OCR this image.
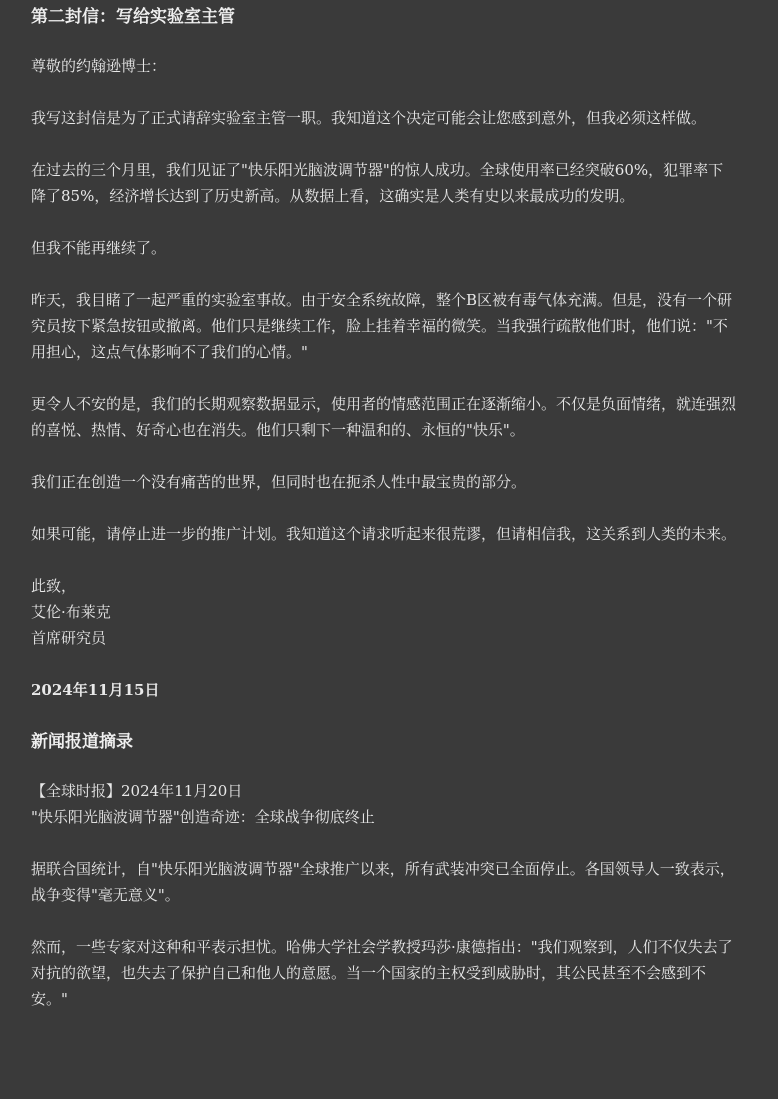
第二封信：写给实验室主管

尊敬的约翰逊博士：

我写这封信是为了正式请辞实验室主管一职。我知道这个决定可能会让您感到意外，但我必须这样做。

在过去的三个月里，我们见证了"快乐阳光脑波调节器"的惊人成功。全球使用率已经突破60%，犯罪率下降了85%，经济增长达到了历史新高。从数据上看，这确实是人类有史以来最成功的发明。

但我不能再继续了。

昨天，我目睹了一起严重的实验室事故。由于安全系统故障，整个B区被有毒气体充满。但是，没有一个研究员按下紧急按钮或撤离。他们只是继续工作，脸上挂着幸福的微笑。当我强行疏散他们时，他们说："不用担心，这点气体影响不了我们的心情。"

更令人不安的是，我们的长期观察数据显示，使用者的情感范围正在逐渐缩小。不仅是负面情绪，就连强烈的喜悦、热情、好奇心也在消失。他们只剩下一种温和的、永恒的"快乐"。

我们正在创造一个没有痛苦的世界，但同时也在扼杀人性中最宝贵的部分。

如果可能，请停止进一步的推广计划。我知道这个请求听起来很荒谬，但请相信我，这关系到人类的未来。

此致，

艾伦·布莱克

首席研究员

2024年11月15日

新闻报道摘录

【全球时报】2024年11月20日

"快乐阳光脑波调节器"创造奇迹：全球战争彻底终止

据联合国统计，自"快乐阳光脑波调节器"全球推广以来，所有武装冲突已全面停止。各国领导人一致表示，战争变得"毫无意义"。

然而，一些专家对这种和平表示担忧。哈佛大学社会学教授玛莎·康德指出："我们观察到，人们不仅失去了对抗的欲望，也失去了保护自己和他人的意愿。当一个国家的主权受到威胁时，其公民甚至不会感到不安。"
